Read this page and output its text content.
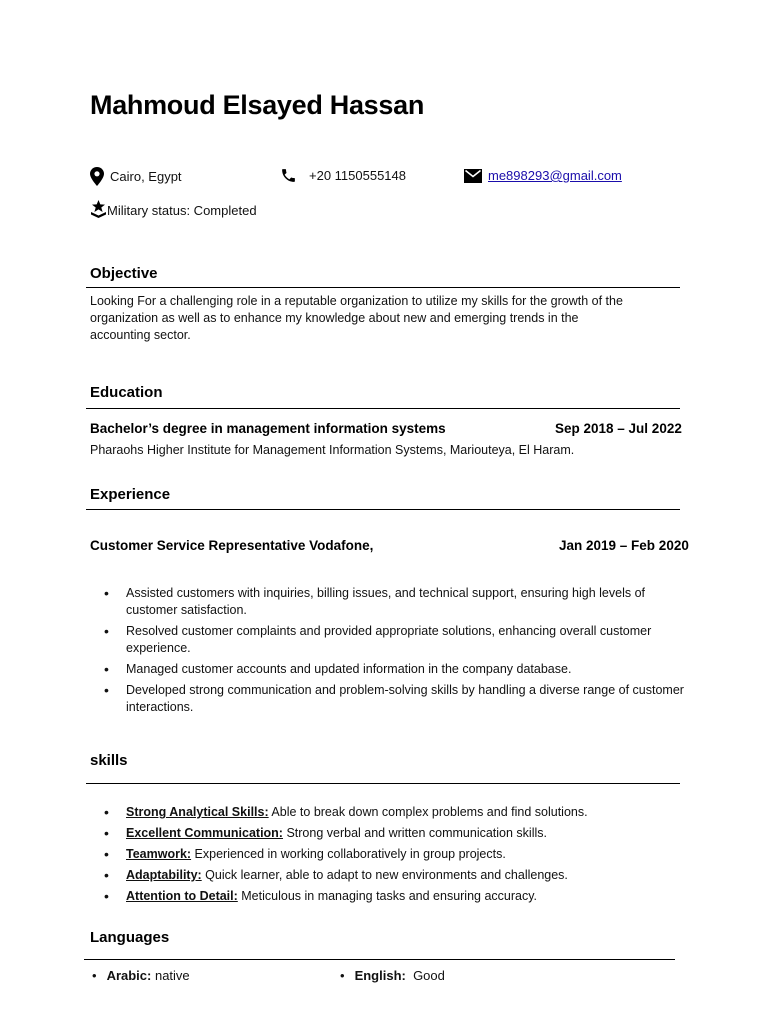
Mahmoud Elsayed Hassan
Cairo, Egypt	+20 1150555148	me898293@gmail.com
Military status: Completed
Objective

Looking For a challenging role in a reputable organization to utilize my skills for the growth of the organization as well as to enhance my knowledge about new and emerging trends in the accounting sector.

Education
Bachelor’s degree in management information systems	Sep 2018 – Jul 2022
Pharaohs Higher Institute for Management Information Systems, Mariouteya, El Haram.
Experience
Customer Service Representative Vodafone,	Jan 2019 – Feb 2020
• Assisted customers with inquiries, billing issues, and technical support, ensuring high levels of customer satisfaction.
• Resolved customer complaints and provided appropriate solutions, enhancing overall customer experience.
• Managed customer accounts and updated information in the company database.
• Developed strong communication and problem-solving skills by handling a diverse range of customer interactions.
skills
• Strong Analytical Skills: Able to break down complex problems and find solutions.
• Excellent Communication: Strong verbal and written communication skills.
• Teamwork: Experienced in working collaboratively in group projects.
• Adaptability: Quick learner, able to adapt to new environments and challenges.
• Attention to Detail: Meticulous in managing tasks and ensuring accuracy.
Languages
• Arabic: native	• English:  Good
